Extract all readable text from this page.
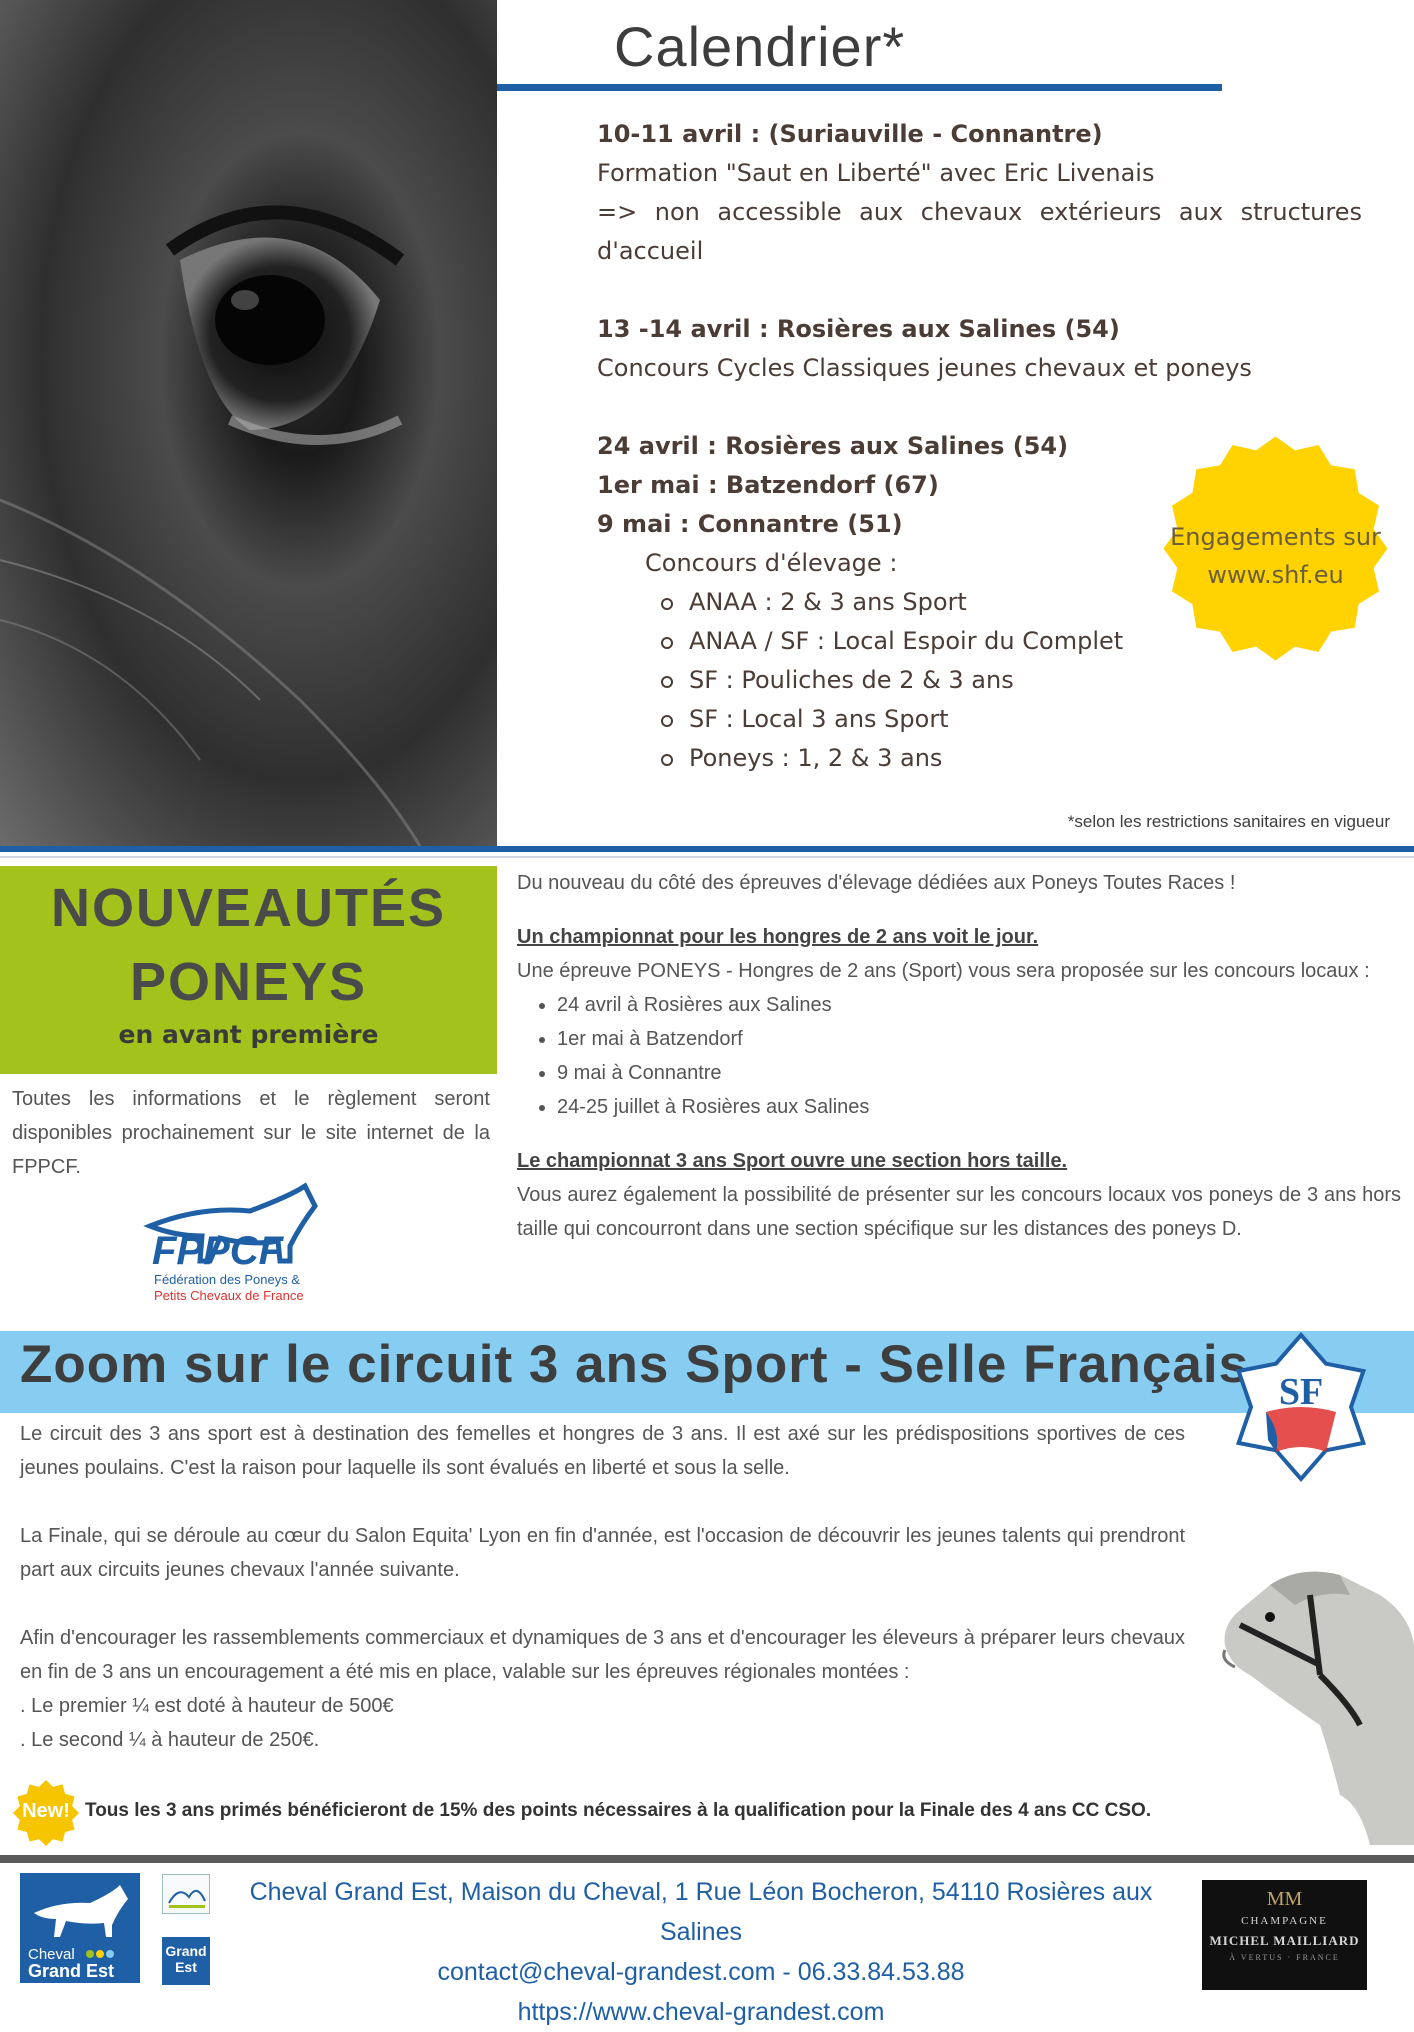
Calendrier*
10-11 avril : (Suriauville - Connantre)
Formation "Saut en Liberté" avec Eric Livenais
=> non accessible aux chevaux extérieurs aux structures d'accueil
13 -14 avril : Rosières aux Salines (54)
Concours Cycles Classiques jeunes chevaux et poneys
24 avril : Rosières aux Salines (54)
1er mai : Batzendorf (67)
9 mai : Connantre (51)
Concours d'élevage :
ANAA : 2 & 3 ans Sport
ANAA / SF : Local Espoir du Complet
SF : Pouliches de 2 & 3 ans
SF : Local 3 ans Sport
Poneys : 1, 2 & 3 ans
Engagements sur
www.shf.eu
*selon les restrictions sanitaires en vigueur
NOUVEAUTÉS
PONEYS
en avant première
Toutes les informations et le règlement seront disponibles prochainement sur le site internet de la FPPCF.
FPPCF
Fédération des Poneys &
Petits Chevaux de France
Du nouveau du côté des épreuves d'élevage dédiées aux Poneys Toutes Races !
Un championnat pour les hongres de 2 ans voit le jour.
Une épreuve PONEYS - Hongres de 2 ans (Sport) vous sera proposée sur les concours locaux :
• 24 avril à Rosières aux Salines
• 1er mai à Batzendorf
• 9 mai à Connantre
• 24-25 juillet à Rosières aux Salines
Le championnat 3 ans Sport ouvre une section hors taille.
Vous aurez également la possibilité de présenter sur les concours locaux vos poneys de 3 ans hors taille qui concourront dans une section spécifique sur les distances des poneys D.
Zoom sur le circuit 3 ans Sport - Selle Français SF
Le circuit des 3 ans sport est à destination des femelles et hongres de 3 ans. Il est axé sur les prédispositions sportives de ces jeunes poulains. C'est la raison pour laquelle ils sont évalués en liberté et sous la selle.
La Finale, qui se déroule au cœur du Salon Equita' Lyon en fin d'année, est l'occasion de découvrir les jeunes talents qui prendront part aux circuits jeunes chevaux l'année suivante.
Afin d'encourager les rassemblements commerciaux et dynamiques de 3 ans et d'encourager les éleveurs à préparer leurs chevaux en fin de 3 ans un encouragement a été mis en place, valable sur les épreuves régionales montées :
. Le premier ¼ est doté à hauteur de 500€
. Le second ¼ à hauteur de 250€.
New! Tous les 3 ans primés bénéficieront de 15% des points nécessaires à la qualification pour la Finale des 4 ans CC CSO.
Cheval
Grand Est
Grand Est
Cheval Grand Est, Maison du Cheval, 1 Rue Léon Bocheron, 54110 Rosières aux Salines
contact@cheval-grandest.com - 06.33.84.53.88
https://www.cheval-grandest.com
MM
CHAMPAGNE
MICHEL MAILLIARD
À VERTUS · FRANCE
